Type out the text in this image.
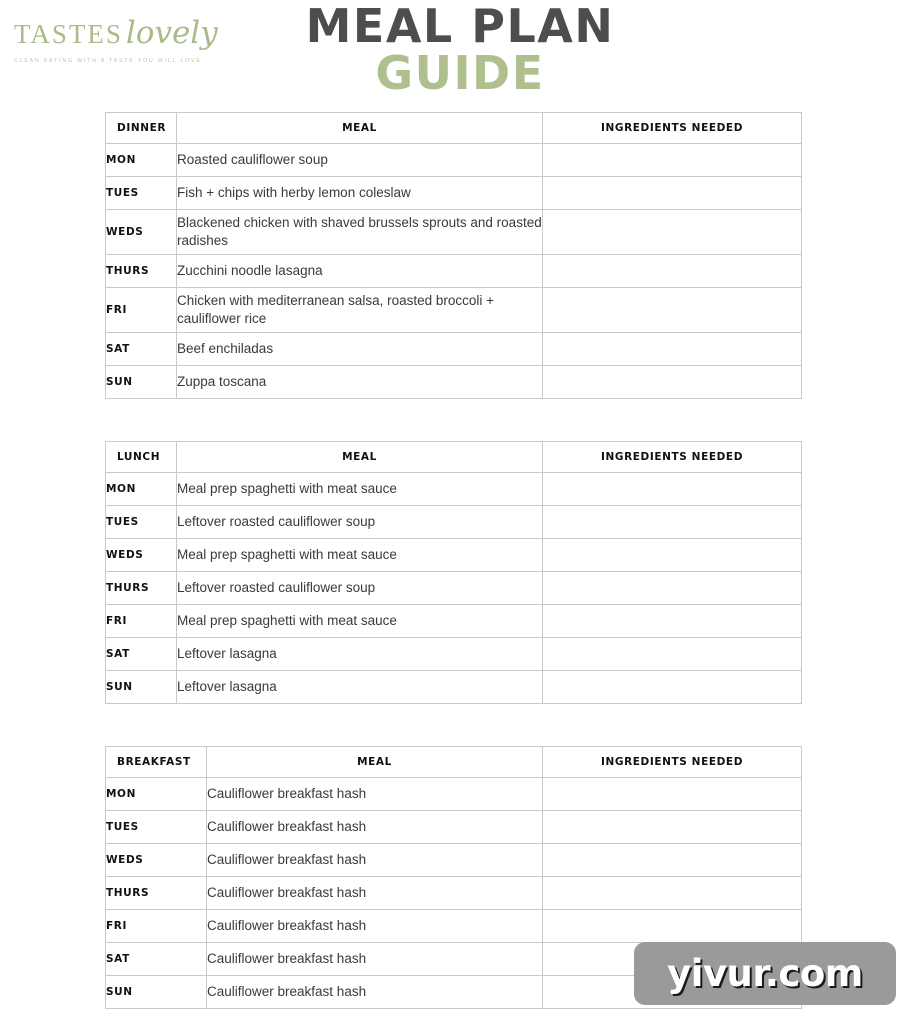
TASTESlovely
CLEAN EATING WITH A TASTE YOU WILL LOVE
MEAL PLAN
GUIDE
DINNER	MEAL	INGREDIENTS NEEDED
MON	Roasted cauliflower soup	
TUES	Fish + chips with herby lemon coleslaw	
WEDS	Blackened chicken with shaved brussels sprouts and roasted radishes	
THURS	Zucchini noodle lasagna	
FRI	Chicken with mediterranean salsa, roasted broccoli + cauliflower rice	
SAT	Beef enchiladas	
SUN	Zuppa toscana	
LUNCH	MEAL	INGREDIENTS NEEDED
MON	Meal prep spaghetti with meat sauce	
TUES	Leftover roasted cauliflower soup	
WEDS	Meal prep spaghetti with meat sauce	
THURS	Leftover roasted cauliflower soup	
FRI	Meal prep spaghetti with meat sauce	
SAT	Leftover lasagna	
SUN	Leftover lasagna	
BREAKFAST	MEAL	INGREDIENTS NEEDED
MON	Cauliflower breakfast hash	
TUES	Cauliflower breakfast hash	
WEDS	Cauliflower breakfast hash	
THURS	Cauliflower breakfast hash	
FRI	Cauliflower breakfast hash	
SAT	Cauliflower breakfast hash	
SUN	Cauliflower breakfast hash		yivur.com
